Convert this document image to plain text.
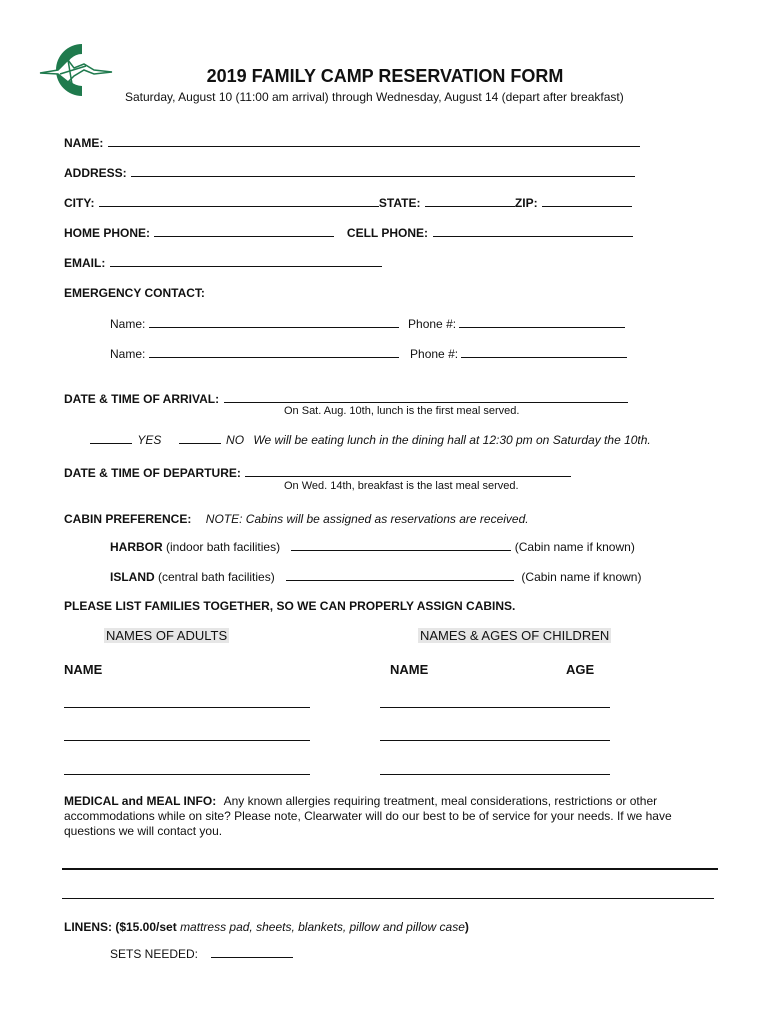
2019 FAMILY CAMP RESERVATION FORM
Saturday, August 10 (11:00 am arrival) through Wednesday, August 14 (depart after breakfast)
NAME:
ADDRESS:
CITY:	STATE:	ZIP:
HOME PHONE:	CELL PHONE:
EMAIL:
EMERGENCY CONTACT:
Name:	Phone #:
Name:	Phone #:
DATE & TIME OF ARRIVAL:
On Sat. Aug. 10th, lunch is the first meal served.
YES	NO We will be eating lunch in the dining hall at 12:30 pm on Saturday the 10th.
DATE & TIME OF DEPARTURE:
On Wed. 14th, breakfast is the last meal served.
CABIN PREFERENCE: NOTE: Cabins will be assigned as reservations are received.
HARBOR (indoor bath facilities)	(Cabin name if known)
ISLAND (central bath facilities)	(Cabin name if known)
PLEASE LIST FAMILIES TOGETHER, SO WE CAN PROPERLY ASSIGN CABINS.
NAMES OF ADULTS	NAMES & AGES OF CHILDREN
NAME	NAME	AGE
MEDICAL and MEAL INFO: Any known allergies requiring treatment, meal considerations, restrictions or other
accommodations while on site? Please note, Clearwater will do our best to be of service for your needs. If we have
questions we will contact you.
LINENS: ($15.00/set mattress pad, sheets, blankets, pillow and pillow case)
SETS NEEDED:
